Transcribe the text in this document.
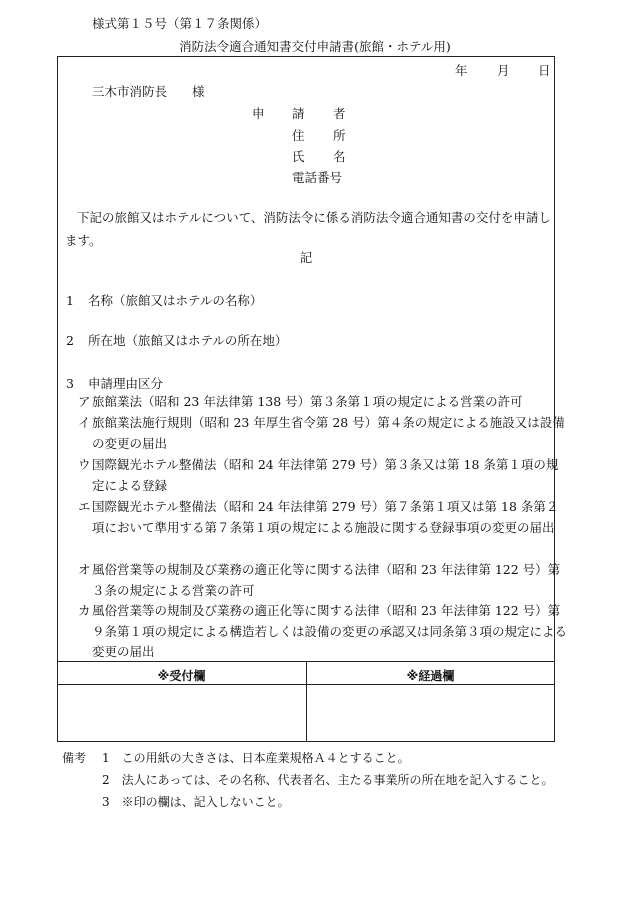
様式第１５号（第１７条関係）
消防法令適合通知書交付申請書(旅館・ホテル用)
年 月 日
三木市消防長　　様
申 請 者
住 所
氏 名
電話番号
下記の旅館又はホテルについて、消防法令に係る消防法令適合通知書の交付を申請します。
記
1 名称（旅館又はホテルの名称）
2 所在地（旅館又はホテルの所在地）
3 申請理由区分
ア旅館業法（昭和 23 年法律第 138 号）第３条第１項の規定による営業の許可
イ旅館業法施行規則（昭和 23 年厚生省令第 28 号）第４条の規定による施設又は設備の変更の届出
ウ国際観光ホテル整備法（昭和 24 年法律第 279 号）第３条又は第 18 条第１項の規定による登録
エ国際観光ホテル整備法（昭和 24 年法律第 279 号）第７条第１項又は第 18 条第２項において準用する第７条第１項の規定による施設に関する登録事項の変更の届出
オ風俗営業等の規制及び業務の適正化等に関する法律（昭和 23 年法律第 122 号）第３条の規定による営業の許可
カ風俗営業等の規制及び業務の適正化等に関する法律（昭和 23 年法律第 122 号）第９条第１項の規定による構造若しくは設備の変更の承認又は同条第３項の規定による変更の届出
※受付欄	※経過欄
備考 1　この用紙の大きさは、日本産業規格Ａ４とすること。
2　法人にあっては、その名称、代表者名、主たる事業所の所在地を記入すること。
3　※印の欄は、記入しないこと。
